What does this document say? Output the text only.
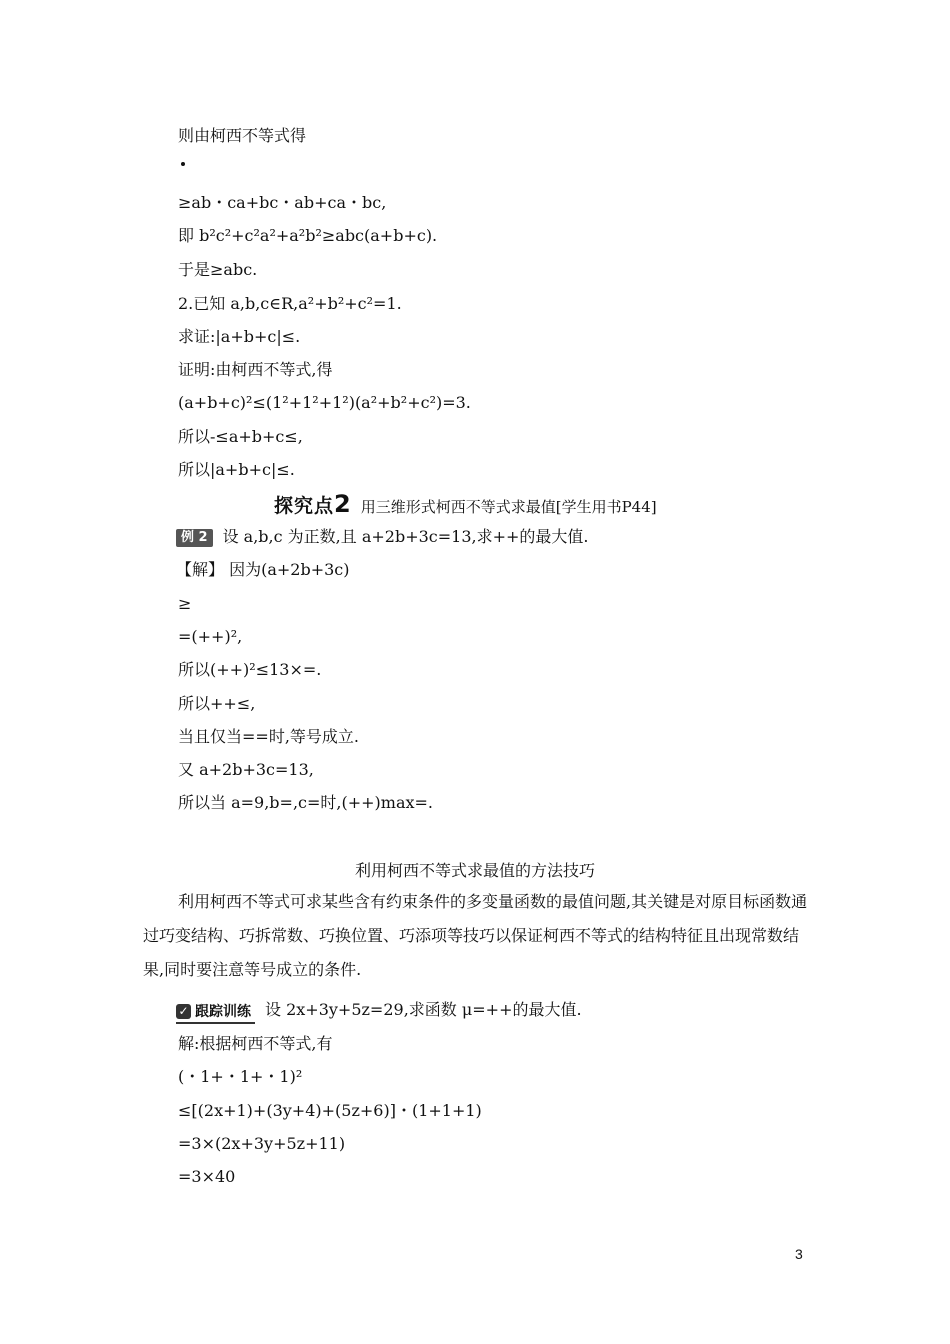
则由柯西不等式得
≥ab・ca+bc・ab+ca・bc,
即 b²c²+c²a²+a²b²≥abc(a+b+c).
于是≥abc.
2.已知 a,b,c∈R,a²+b²+c²=1.
求证:|a+b+c|≤.
证明:由柯西不等式,得
(a+b+c)²≤(1²+1²+1²)(a²+b²+c²)=3.
所以-≤a+b+c≤,
所以|a+b+c|≤.
探究点2 用三维形式柯西不等式求最值[学生用书P44]
例 2 设 a,b,c 为正数,且 a+2b+3c=13,求++的最大值.
【解】 因为(a+2b+3c)
≥
=(++)²,
所以(++)²≤13×=.
所以++≤,
当且仅当==时,等号成立.
又 a+2b+3c=13,
所以当 a=9,b=,c=时,(++)max=.
利用柯西不等式求最值的方法技巧

利用柯西不等式可求某些含有约束条件的多变量函数的最值问题,其关键是对原目标函数通过巧变结构、巧拆常数、巧换位置、巧添项等技巧以保证柯西不等式的结构特征且出现常数结果,同时要注意等号成立的条件.

✓ 跟踪训练 设 2x+3y+5z=29,求函数 μ=++的最大值.
解:根据柯西不等式,有
(・1+・1+・1)²
≤[(2x+1)+(3y+4)+(5z+6)]・(1+1+1)
=3×(2x+3y+5z+11)
=3×40
3
